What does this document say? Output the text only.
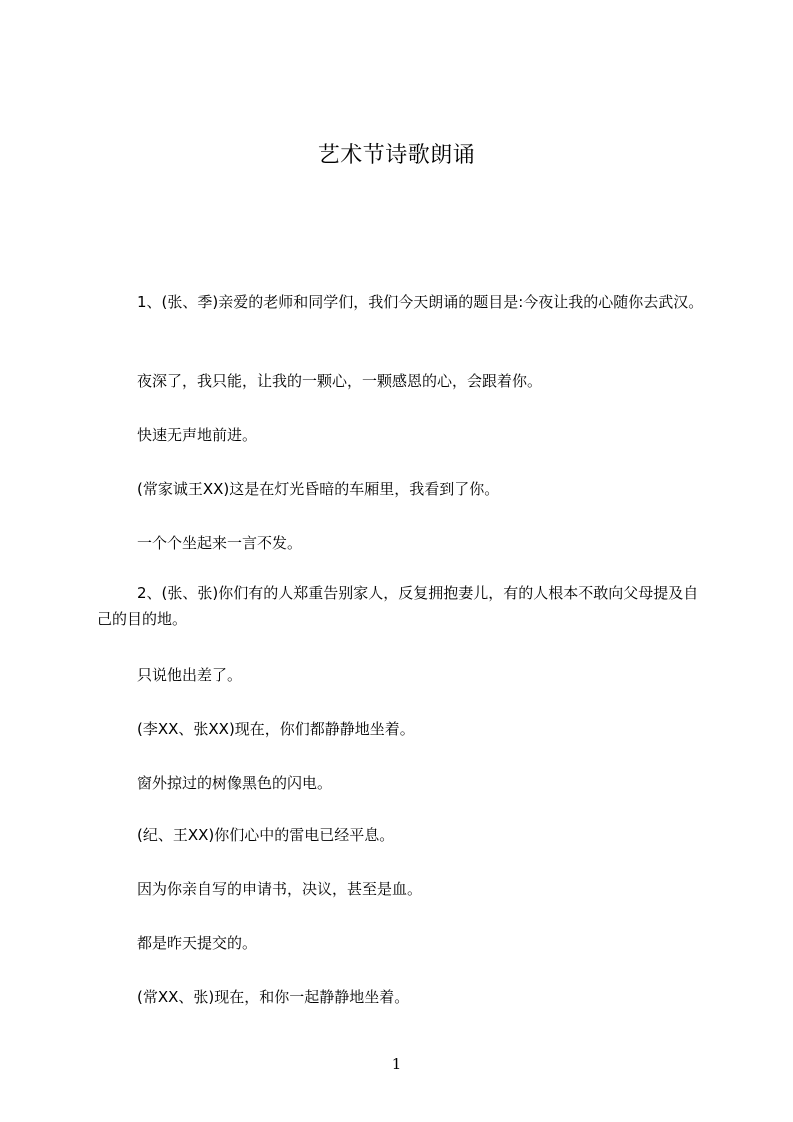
艺术节诗歌朗诵
1、(张、季)亲爱的老师和同学们，我们今天朗诵的题目是:今夜让我的心随你去武汉。
夜深了，我只能，让我的一颗心，一颗感恩的心，会跟着你。
快速无声地前进。
(常家诚王XX)这是在灯光昏暗的车厢里，我看到了你。
一个个坐起来一言不发。
2、(张、张)你们有的人郑重告别家人，反复拥抱妻儿，有的人根本不敢向父母提及自己的目的地。
只说他出差了。
(李XX、张XX)现在，你们都静静地坐着。
窗外掠过的树像黑色的闪电。
(纪、王XX)你们心中的雷电已经平息。
因为你亲自写的申请书，决议，甚至是血。
都是昨天提交的。
(常XX、张)现在，和你一起静静地坐着。
1
